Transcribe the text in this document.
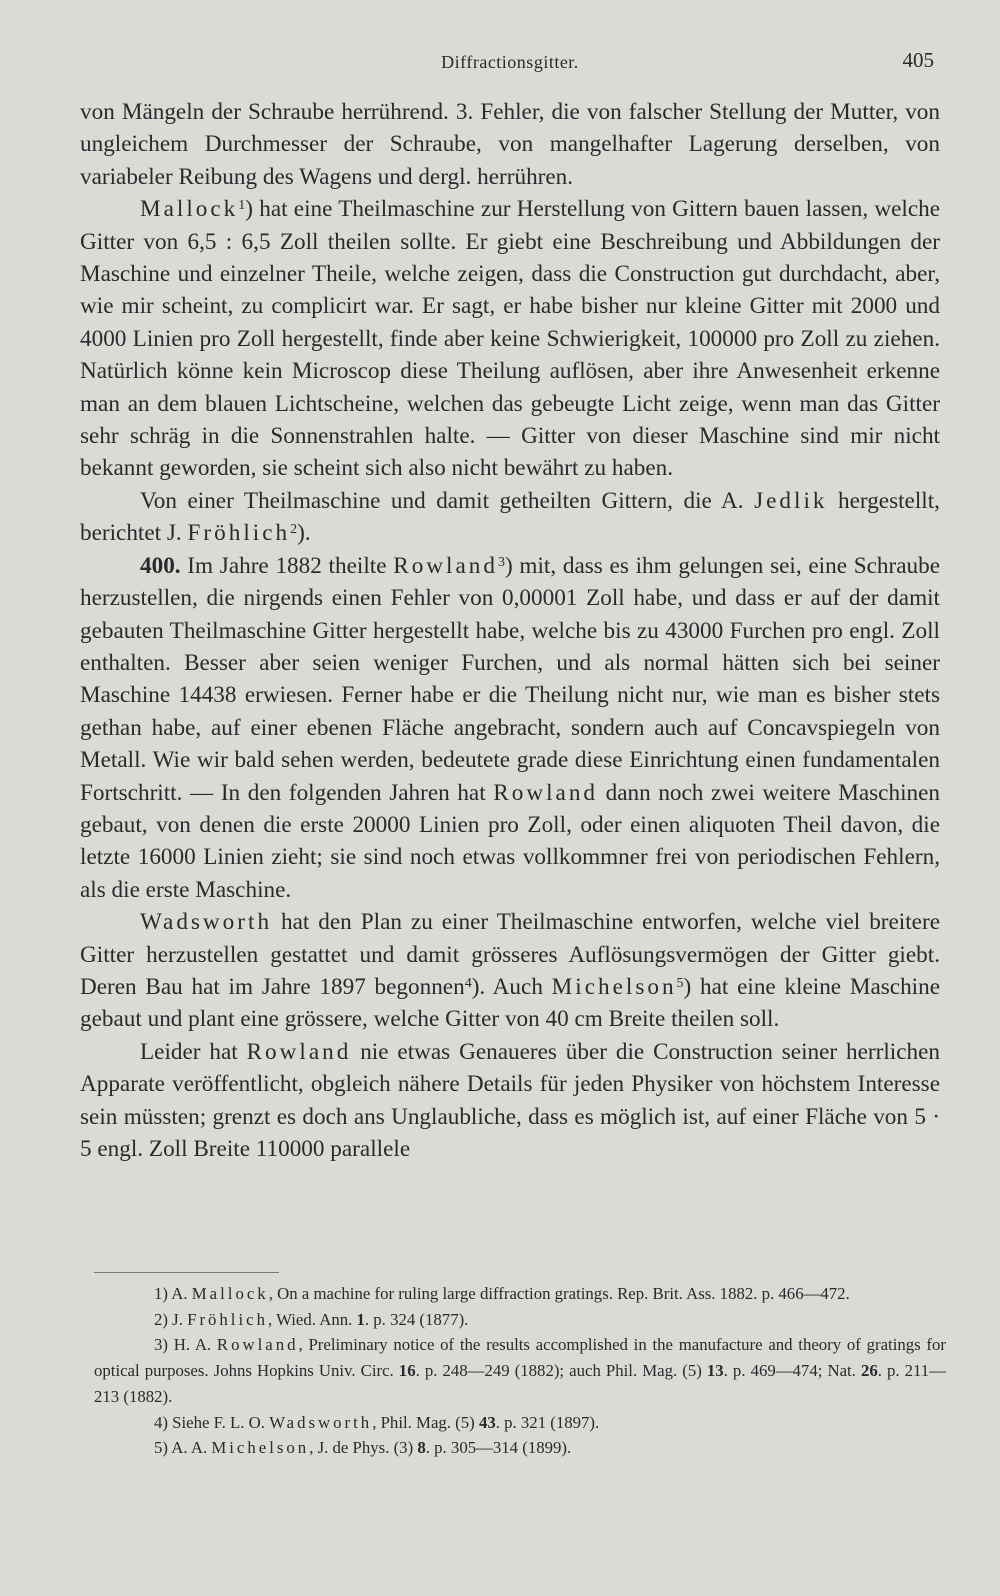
Diffractionsgitter.	405

von Mängeln der Schraube herrührend. 3. Fehler, die von falscher Stellung der Mutter, von ungleichem Durchmesser der Schraube, von mangelhafter Lagerung derselben, von variabeler Reibung des Wagens und dergl. herrühren.

Mallock$^1$) hat eine Theilmaschine zur Herstellung von Gittern bauen lassen, welche Gitter von 6,5 : 6,5 Zoll theilen sollte. Er giebt eine Beschreibung und Abbildungen der Maschine und einzelner Theile, welche zeigen, dass die Construction gut durchdacht, aber, wie mir scheint, zu complicirt war. Er sagt, er habe bisher nur kleine Gitter mit 2000 und 4000 Linien pro Zoll hergestellt, finde aber keine Schwierigkeit, 100000 pro Zoll zu ziehen. Natürlich könne kein Microscop diese Theilung auflösen, aber ihre Anwesenheit erkenne man an dem blauen Lichtscheine, welchen das gebeugte Licht zeige, wenn man das Gitter sehr schräg in die Sonnenstrahlen halte. — Gitter von dieser Maschine sind mir nicht bekannt geworden, sie scheint sich also nicht bewährt zu haben.

Von einer Theilmaschine und damit getheilten Gittern, die A. Jedlik hergestellt, berichtet J. Fröhlich$^2$).

400. Im Jahre 1882 theilte Rowland$^3$) mit, dass es ihm gelungen sei, eine Schraube herzustellen, die nirgends einen Fehler von 0,00001 Zoll habe, und dass er auf der damit gebauten Theilmaschine Gitter hergestellt habe, welche bis zu 43000 Furchen pro engl. Zoll enthalten. Besser aber seien weniger Furchen, und als normal hätten sich bei seiner Maschine 14438 erwiesen. Ferner habe er die Theilung nicht nur, wie man es bisher stets gethan habe, auf einer ebenen Fläche angebracht, sondern auch auf Concavspiegeln von Metall. Wie wir bald sehen werden, bedeutete grade diese Einrichtung einen fundamentalen Fortschritt. — In den folgenden Jahren hat Rowland dann noch zwei weitere Maschinen gebaut, von denen die erste 20000 Linien pro Zoll, oder einen aliquoten Theil davon, die letzte 16000 Linien zieht; sie sind noch etwas vollkommner frei von periodischen Fehlern, als die erste Maschine.

Wadsworth hat den Plan zu einer Theilmaschine entworfen, welche viel breitere Gitter herzustellen gestattet und damit grösseres Auflösungsvermögen der Gitter giebt. Deren Bau hat im Jahre 1897 begonnen$^4$). Auch Michelson$^5$) hat eine kleine Maschine gebaut und plant eine grössere, welche Gitter von 40 cm Breite theilen soll.

Leider hat Rowland nie etwas Genaueres über die Construction seiner herrlichen Apparate veröffentlicht, obgleich nähere Details für jeden Physiker von höchstem Interesse sein müssten; grenzt es doch ans Unglaubliche, dass es möglich ist, auf einer Fläche von 5 · 5 engl. Zoll Breite 110000 parallele

1) A. Mallock, On a machine for ruling large diffraction gratings. Rep. Brit. Ass. 1882. p. 466—472.

2) J. Fröhlich, Wied. Ann. 1. p. 324 (1877).

3) H. A. Rowland, Preliminary notice of the results accomplished in the manufacture and theory of gratings for optical purposes. Johns Hopkins Univ. Circ. 16. p. 248—249 (1882); auch Phil. Mag. (5) 13. p. 469—474; Nat. 26. p. 211—213 (1882).

4) Siehe F. L. O. Wadsworth, Phil. Mag. (5) 43. p. 321 (1897).

5) A. A. Michelson, J. de Phys. (3) 8. p. 305—314 (1899).
